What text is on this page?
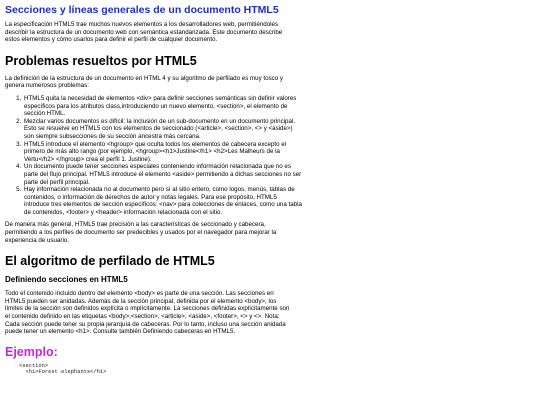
Secciones y líneas generales de un documento HTML5

La especificación HTML5 trae muchos nuevos elementos a los desarrolladores web, permitiéndoles describir la estructura de un documento web con semántica estandarizada. Este documento describe estos elementos y cómo usarlos para definir el perfil de cualquier documento.

Problemas resueltos por HTML5

La definición de la estructura de un documento en HTML 4 y su algoritmo de perfilado es muy tosco y genera numerosos problemas:

1. HTML5 quita la necesidad de elementos <div> para definir secciones semánticas sin definir valores específicos para los atributos class,introduciendo un nuevo elemento, <section>, el elemento de sección HTML.
2. Mezclar varios documentos es difícil: la inclusión de un sub-documento en un documento principal. Esto se resuelve en HTML5 con los elementos de seccionado (<article>, <section>, <> y <aside>) son siempre subsecciones de su sección ancestra más cercana.
3. HTML5 introduce el elemento <hgroup> que oculta todos los elementos de cabecera excepto el primero de más alto rango (por ejemplo, <hgroup><h1>Justine</h1> <h2>Les Malheurs de la Vertu</h2> </hgroup> crea el perfil 1. Justine).
4. Un documento puede tener secciones especiales conteniendo información relacionada que no es parte del flujo principal. HTML5 introduce el elemento <aside> permitiendo a dichas secciones no ser parte del perfil principal.
5. Hay información relacionada no al documento pero sí al sitio entero, como logos, menús, tablas de contenidos, o información de derechos de autor y notas legales. Para ese propósito, HTML5 introduce tres elementos de sección específicos: <nav> para colecciones de enlaces, como una tabla de contenidos, <footer> y <header> información relacionada con el sitio.

De manera más general, HTML5 trae precisión a las características de seccionado y cabecera, permitiendo a los perfiles de documento ser predecibles y usados por el navegador para mejorar la experiencia de usuario.

El algoritmo de perfilado de HTML5
Definiendo secciones en HTML5

Todo el contenido incluido dentro del elemento <body> es parte de una sección. Las secciones en HTML5 pueden ser anidadas. Además de la sección principal, definida por el elemento <body>, los límites de la sección son definidos explícita o implícitamente. La secciones definidas explícitamente son el contenido definido en las etiquetas <body>,<section>, <article>, <aside>, <footer>, <> y <>. Nota: Cada sección puede tener su propia jerarquía de cabeceras. Por lo tanto, incluso una sección anidada puede tener un elemento <h1>. Consulte también Definiendo cabeceras en HTML5.

Ejemplo:
<section>
<h1>Forest elephants</h1>
